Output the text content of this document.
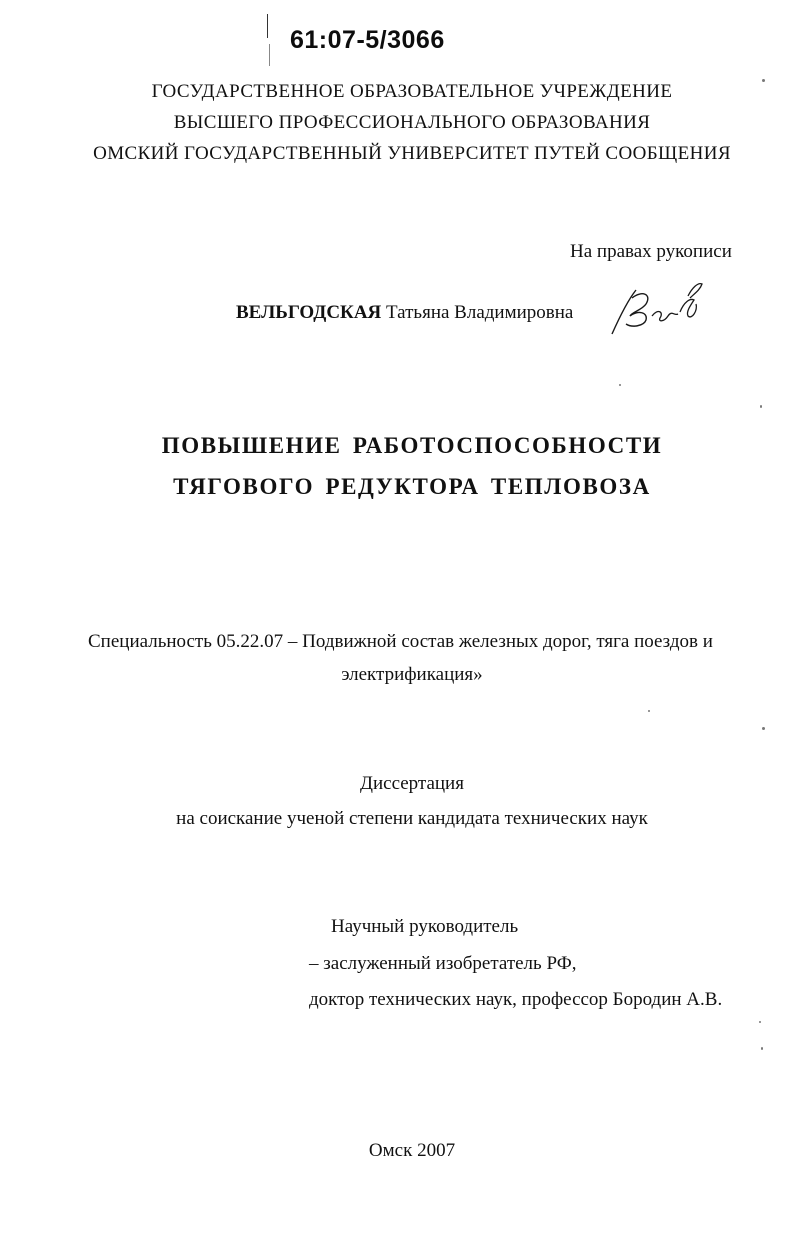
61:07-5/3066
ГОСУДАРСТВЕННОЕ ОБРАЗОВАТЕЛЬНОЕ УЧРЕЖДЕНИЕ
ВЫСШЕГО ПРОФЕССИОНАЛЬНОГО ОБРАЗОВАНИЯ
ОМСКИЙ ГОСУДАРСТВЕННЫЙ УНИВЕРСИТЕТ ПУТЕЙ СООБЩЕНИЯ
На правах рукописи
ВЕЛЬГОДСКАЯ Татьяна Владимировна
ПОВЫШЕНИЕ РАБОТОСПОСОБНОСТИ
ТЯГОВОГО РЕДУКТОРА ТЕПЛОВОЗА
Специальность 05.22.07 – Подвижной состав железных дорог, тяга поездов и
электрификация»
Диссертация
на соискание ученой степени кандидата технических наук
Научный руководитель
– заслуженный изобретатель РФ,
доктор технических наук, профессор Бородин А.В.
Омск 2007
